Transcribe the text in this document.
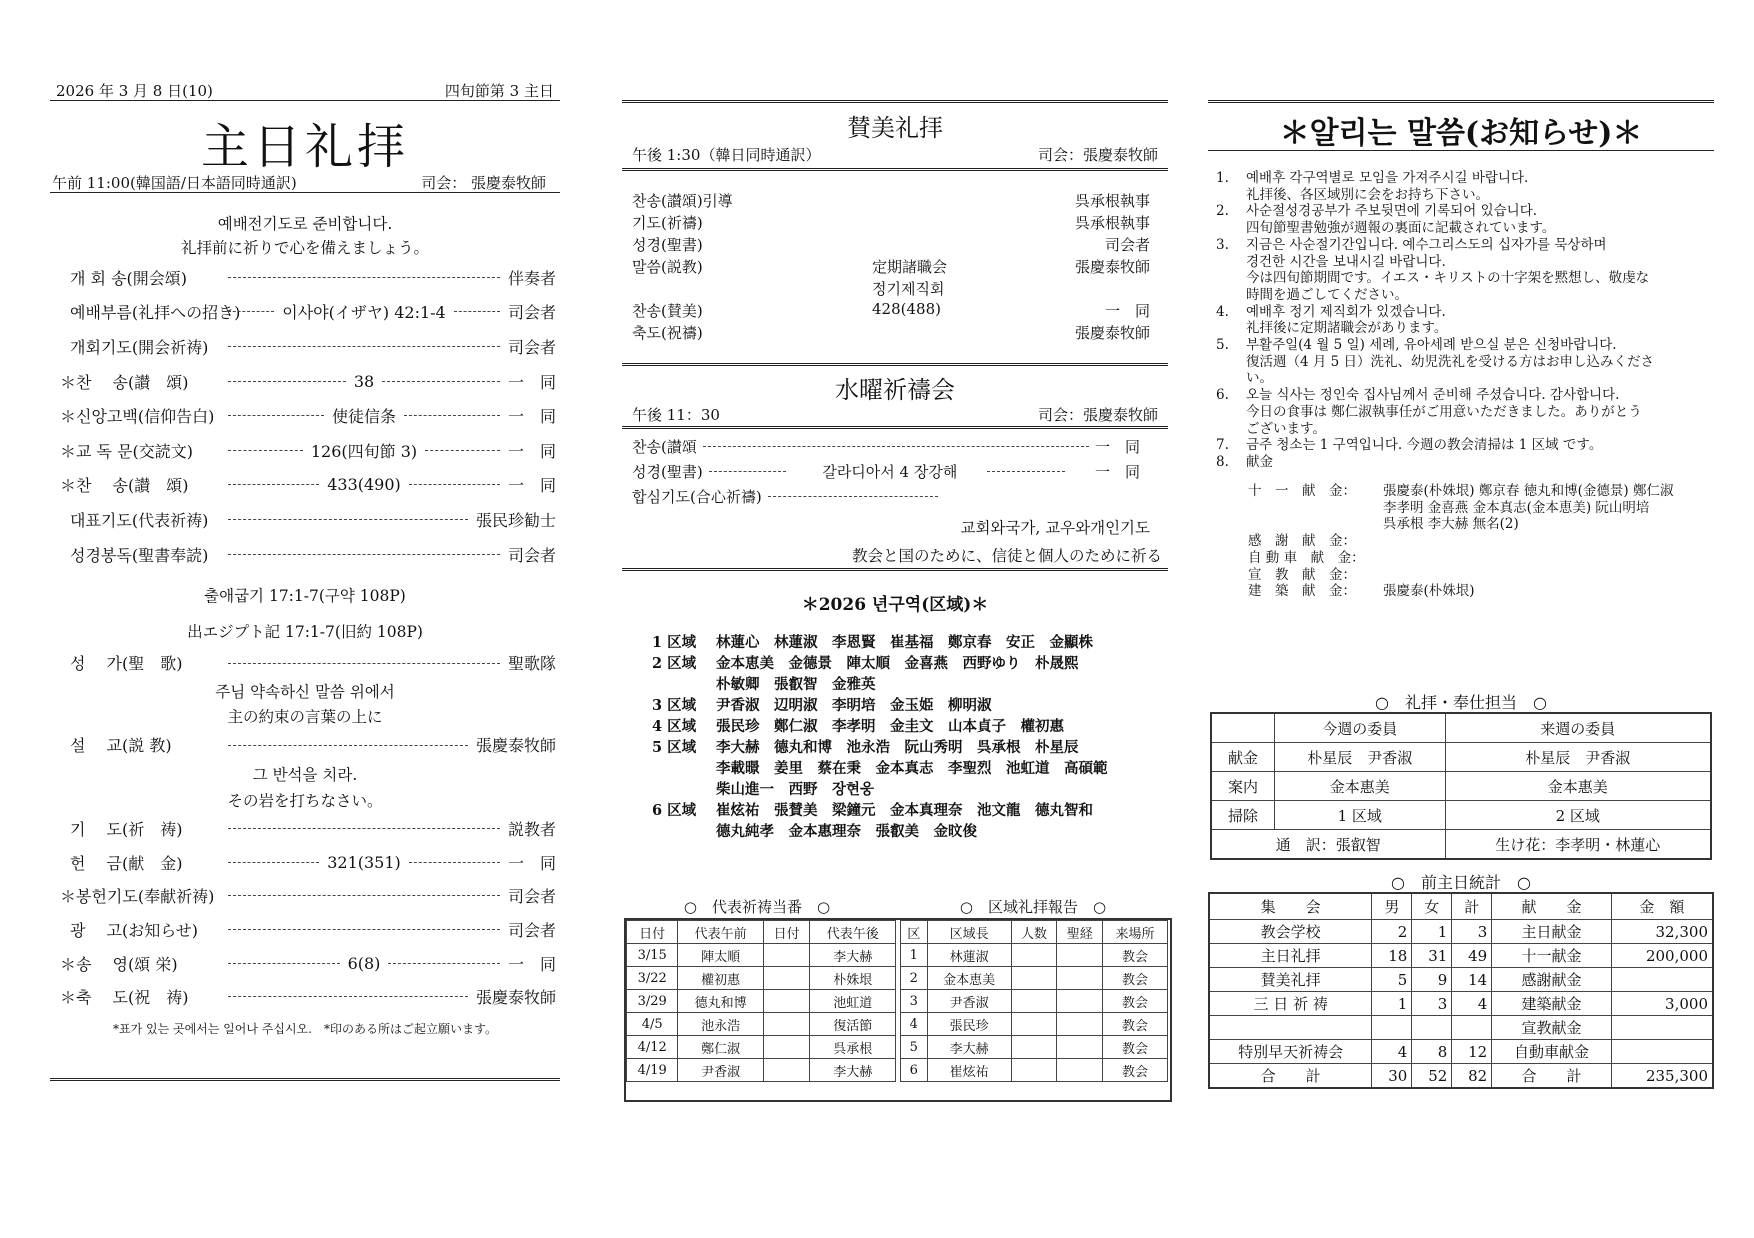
2026 年 3 月 8 日(10)	四旬節第 3 主日
主日礼拝
午前 11:00(韓国語/日本語同時通訳)	司会： 張慶泰牧師
예배전기도로 준비합니다.
礼拝前に祈りで心を備えましょう。
개 회 송(開会頌)	伴奏者
예배부름(礼拝への招き)	이사야(イザヤ) 42:1-4	司会者
개회기도(開会祈祷)	司会者
＊찬　 송(讃　頌)	38	一　同
＊신앙고백(信仰告白)	使徒信条	一　同
＊교 독 문(交読文)	126(四旬節 3)	一　同
＊찬　 송(讃　頌)	433(490)	一　同
대표기도(代表祈祷)	張民珍勧士
성경봉독(聖書奉読)	司会者
출애굽기 17:1-7(구약 108P)
出エジプト記 17:1-7(旧約 108P)
성　 가(聖　歌)	聖歌隊
주님 약속하신 말씀 위에서
主の約束の言葉の上に
설　 교(説 教)	張慶泰牧師
그 반석을 치라.
その岩を打ちなさい。
기　 도(祈　祷)	説教者
헌　 금(献　金)	321(351)	一　同
＊봉헌기도(奉献祈祷)	司会者
광　 고(お知らせ)	司会者
＊송　 영(頌 栄)	6(8)	一　同
＊축　 도(祝　祷)	張慶泰牧師
*표가 있는 곳에서는 일어나 주십시오.　*印のある所はご起立願います。
賛美礼拝
午後 1:30（韓日同時通訳）	司会：張慶泰牧師
찬송(讃頌)引導	呉承根執事
기도(祈禱)	呉承根執事
성경(聖書)	司会者
말씀(説教)	定期諸職会	張慶泰牧師
정기제직회
찬송(賛美)	428(488)	一　同
축도(祝禱)	張慶泰牧師
水曜祈禱会
午後 11：30	司会：張慶泰牧師
찬송(讃頌	一　同
성경(聖書)	갈라디아서 4 장강해	一　同
합심기도(合心祈禱)
교회와국가, 교우와개인기도
教会と国のために、信徒と個人のために祈る
＊2026 년구역(区域)＊
1 区域	林蓮心　林蓮淑　李恩賢　崔基福　鄭京春　安正　金顯株
2 区域	金本恵美　金德景　陣太順　金喜燕　西野ゆり　朴晟熙
朴敏卿　張叡智　金雅英
3 区域	尹香淑　辺明淑　李明培　金玉姫　柳明淑
4 区域	張民珍　鄭仁淑　李孝明　金圭文　山本貞子　權初惠
5 区域	李大赫　德丸和博　池永浩　阮山秀明　呉承根　朴星辰
李載暻　姜里　蔡在秉　金本真志　李聖烈　池虹道　高碩範
柴山進一　西野　장현웅
6 区域	崔炫祐　張賛美　梁鐘元　金本真理奈　池文龍　德丸智和
德丸純孝　金本惠理奈　張叡美　金旼俊
○　代表祈祷当番　○	○　区域礼拝報告　○
日付	代表午前	日付	代表午後
3/15	陣太順		李大赫
3/22	權初惠		朴姝垠
3/29	德丸和博		池虹道
4/5	池永浩		復活節
4/12	鄭仁淑		呉承根
4/19	尹香淑		李大赫
区	区域長	人数	聖経	来場所
1	林蓮淑			教会
2	金本恵美			教会
3	尹香淑			教会
4	張民珍			教会
5	李大赫			教会
6	崔炫祐			教会
＊알리는 말씀(お知らせ)＊
1. 예배후 각구역별로 모임을 가져주시길 바랍니다.
礼拝後、各区域別に会をお持ち下さい。
2. 사순절성경공부가 주보뒷면에 기록되어 있습니다.
四旬節聖書勉強が週報の裏面に記載されています。
3. 지금은 사순절기간입니다. 예수그리스도의 십자가를 묵상하며
경건한 시간을 보내시길 바랍니다.
今は四旬節期間です。イエス・キリストの十字架を黙想し、敬虔な
時間を過ごしてください。
4. 예배후 정기 제직회가 있겠습니다.
礼拝後に定期諸職会があります。
5. 부활주일(4 월 5 일) 세례, 유아세례 받으실 분은 신청바랍니다.
復活週（4 月 5 日）洗礼、幼児洗礼を受ける方はお申し込みくださ
い。
6. 오늘 식사는 정인숙 집사님께서 준비해 주셨습니다. 감사합니다.
今日の食事は 鄭仁淑執事任がご用意いただきました。ありがとう
ございます。
7. 금주 청소는 1 구역입니다. 今週の教会清掃は 1 区域 です。
8. 献金
十　一　献　金：	張慶泰(朴姝垠) 鄭京春 徳丸和博(金德景) 鄭仁淑
李孝明 金喜燕 金本真志(金本恵美) 阮山明培
呉承根 李大赫 無名(2)
感　謝　献　金：
自 動 車　献　金：
宣　教　献　金：
建　築　献　金：	張慶泰(朴姝垠)
○　礼拝・奉仕担当　○
	今週の委員	来週の委員
献金	朴星辰　尹香淑	朴星辰　尹香淑
案内	金本惠美	金本惠美
掃除	1 区域	2 区域
通　訳：張叡智		生け花：李孝明・林蓮心
○　前主日統計　○
集　　会	男	女	計	献　　金	金　額
教会学校	2	1	3	主日献金	32,300
主日礼拝	18	31	49	十一献金	200,000
賛美礼拝	5	9	14	感謝献金	
三 日 祈 祷	1	3	4	建築献金	3,000
				宣教献金	
特別早天祈祷会	4	8	12	自動車献金	
合　　計	30	52	82	合　　計	235,300
